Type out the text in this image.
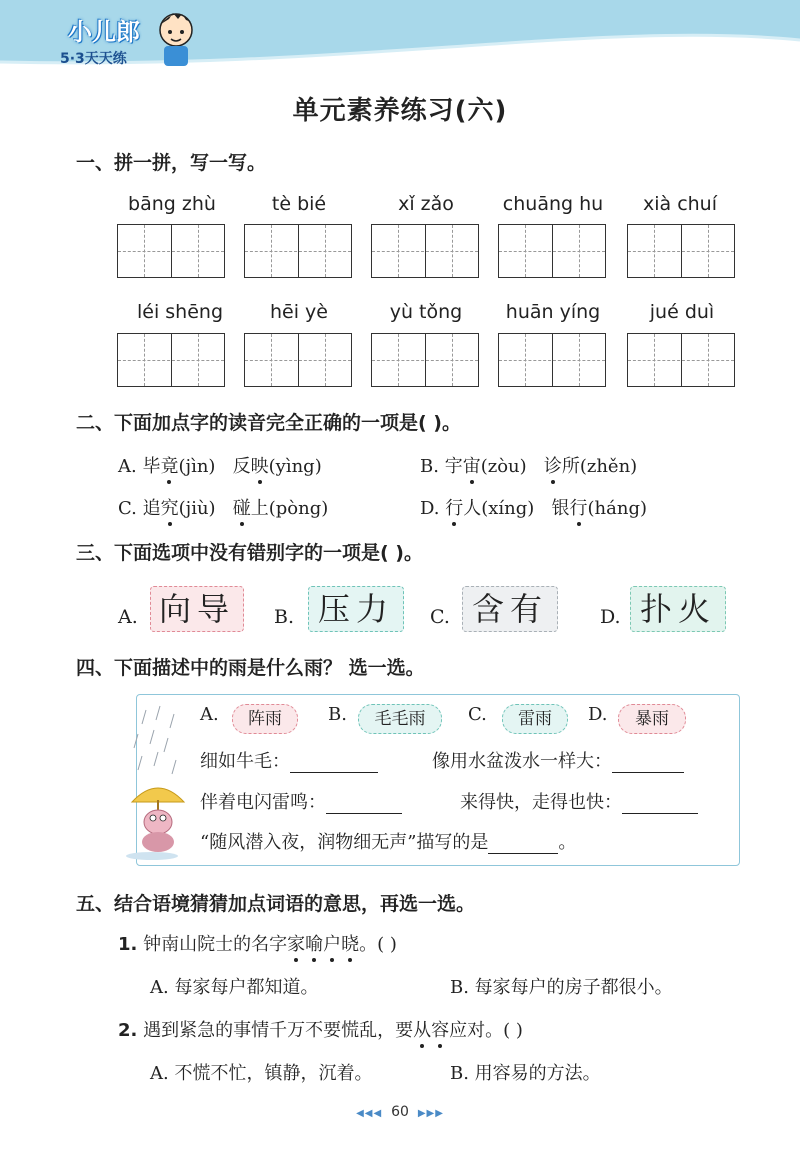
小儿郎
5·3天天练
单元素养练习(六)
一、拼一拼，写一写。
bāng zhù	tè bié	xǐ zǎo	chuāng hu	xià chuí
léi shēng	hēi yè	yù tǒng	huān yíng	jué duì
二、下面加点字的读音完全正确的一项是( )。
A. 毕竟(jìn) 反映(yìng)	B. 宇宙(zòu) 诊所(zhěn)
C. 追究(jiù) 碰上(pòng)	D. 行人(xíng) 银行(háng)
三、下面选项中没有错别字的一项是( )。
A. 向导	B. 压力	C. 含有	D. 扑火
四、下面描述中的雨是什么雨？ 选一选。
A.	阵雨	B.	毛毛雨	C.	雷雨	D.	暴雨
细如牛毛：	像用水盆泼水一样大：
伴着电闪雷鸣：	来得快，走得也快：
“随风潜入夜，润物细无声”描写的是	。
五、结合语境猜猜加点词语的意思，再选一选。
1. 钟南山院士的名字家喻户晓。( )
A. 每家每户都知道。	B. 每家每户的房子都很小。
2. 遇到紧急的事情千万不要慌乱，要从容应对。( )
A. 不慌不忙，镇静，沉着。	B. 用容易的方法。
◀◀◀ 60 ▶▶▶
